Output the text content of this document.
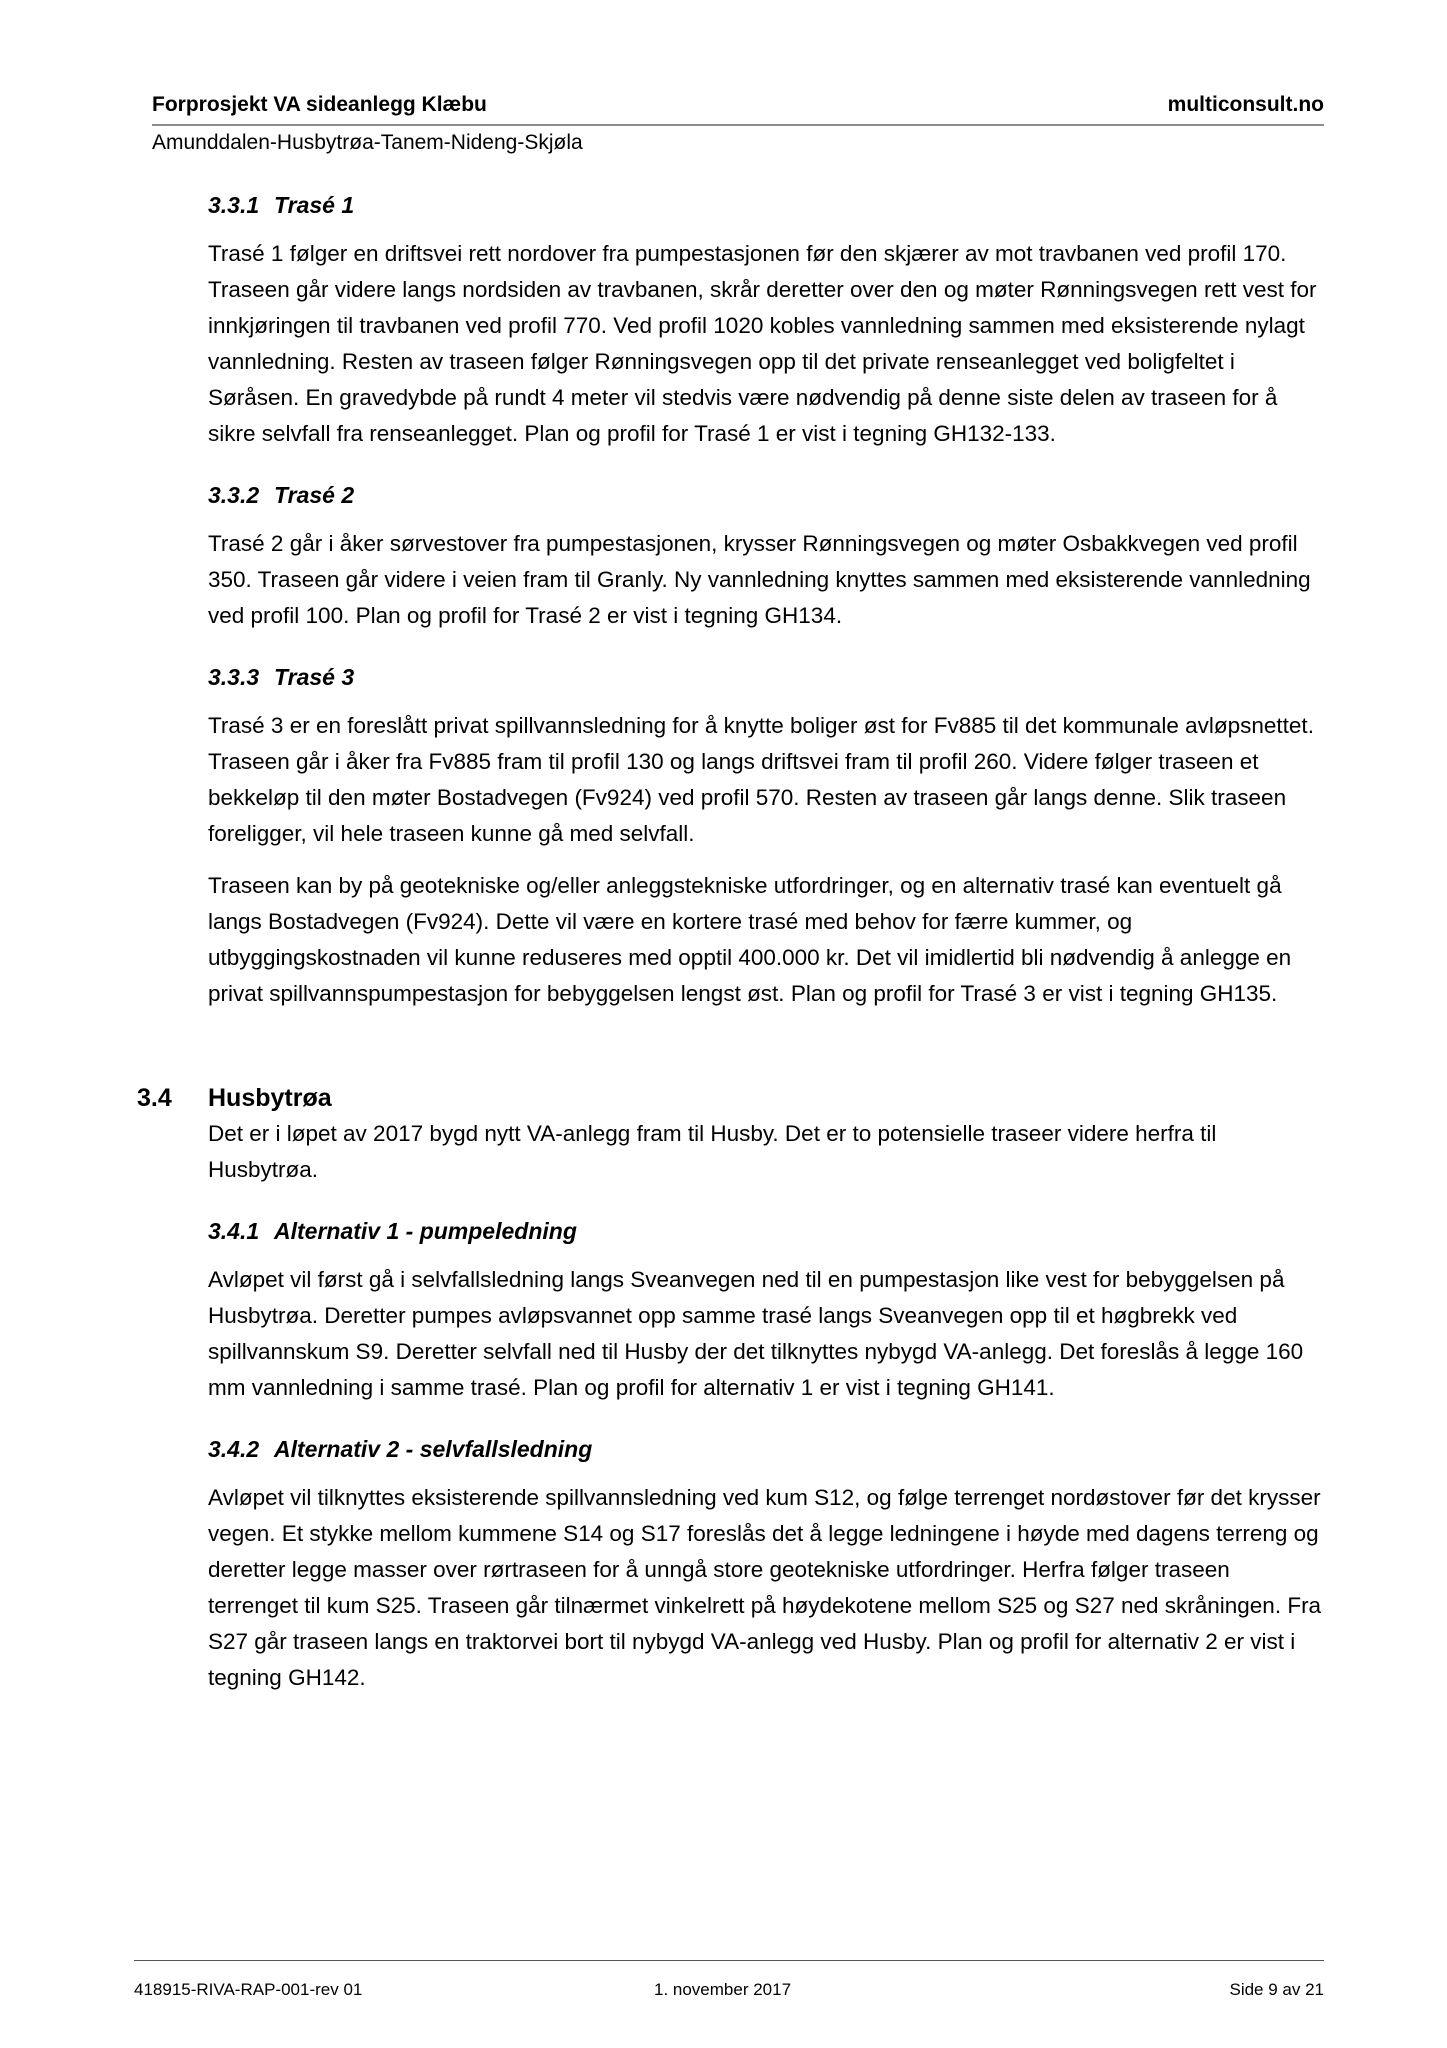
Forprosjekt VA sideanlegg Klæbu	multiconsult.no
Amunddalen-Husbytrøa-Tanem-Nideng-Skjøla
3.3.1 Trasé 1

Trasé 1 følger en driftsvei rett nordover fra pumpestasjonen før den skjærer av mot travbanen ved profil 170. Traseen går videre langs nordsiden av travbanen, skrår deretter over den og møter Rønningsvegen rett vest for innkjøringen til travbanen ved profil 770. Ved profil 1020 kobles vannledning sammen med eksisterende nylagt vannledning. Resten av traseen følger Rønningsvegen opp til det private renseanlegget ved boligfeltet i Søråsen. En gravedybde på rundt 4 meter vil stedvis være nødvendig på denne siste delen av traseen for å sikre selvfall fra renseanlegget. Plan og profil for Trasé 1 er vist i tegning GH132-133.

3.3.2 Trasé 2

Trasé 2 går i åker sørvestover fra pumpestasjonen, krysser Rønningsvegen og møter Osbakkvegen ved profil 350. Traseen går videre i veien fram til Granly. Ny vannledning knyttes sammen med eksisterende vannledning ved profil 100. Plan og profil for Trasé 2 er vist i tegning GH134.

3.3.3 Trasé 3

Trasé 3 er en foreslått privat spillvannsledning for å knytte boliger øst for Fv885 til det kommunale avløpsnettet. Traseen går i åker fra Fv885 fram til profil 130 og langs driftsvei fram til profil 260. Videre følger traseen et bekkeløp til den møter Bostadvegen (Fv924) ved profil 570. Resten av traseen går langs denne. Slik traseen foreligger, vil hele traseen kunne gå med selvfall.

Traseen kan by på geotekniske og/eller anleggstekniske utfordringer, og en alternativ trasé kan eventuelt gå langs Bostadvegen (Fv924). Dette vil være en kortere trasé med behov for færre kummer, og utbyggingskostnaden vil kunne reduseres med opptil 400.000 kr. Det vil imidlertid bli nødvendig å anlegge en privat spillvannspumpestasjon for bebyggelsen lengst øst. Plan og profil for Trasé 3 er vist i tegning GH135.

3.4 Husbytrøa

Det er i løpet av 2017 bygd nytt VA-anlegg fram til Husby. Det er to potensielle traseer videre herfra til Husbytrøa.

3.4.1 Alternativ 1 - pumpeledning

Avløpet vil først gå i selvfallsledning langs Sveanvegen ned til en pumpestasjon like vest for bebyggelsen på Husbytrøa. Deretter pumpes avløpsvannet opp samme trasé langs Sveanvegen opp til et høgbrekk ved spillvannskum S9. Deretter selvfall ned til Husby der det tilknyttes nybygd VA-anlegg. Det foreslås å legge 160 mm vannledning i samme trasé. Plan og profil for alternativ 1 er vist i tegning GH141.

3.4.2 Alternativ 2 - selvfallsledning

Avløpet vil tilknyttes eksisterende spillvannsledning ved kum S12, og følge terrenget nordøstover før det krysser vegen. Et stykke mellom kummene S14 og S17 foreslås det å legge ledningene i høyde med dagens terreng og deretter legge masser over rørtraseen for å unngå store geotekniske utfordringer. Herfra følger traseen terrenget til kum S25. Traseen går tilnærmet vinkelrett på høydekotene mellom S25 og S27 ned skråningen. Fra S27 går traseen langs en traktorvei bort til nybygd VA-anlegg ved Husby. Plan og profil for alternativ 2 er vist i tegning GH142.

418915-RIVA-RAP-001-rev 01	1. november 2017	Side 9 av 21
